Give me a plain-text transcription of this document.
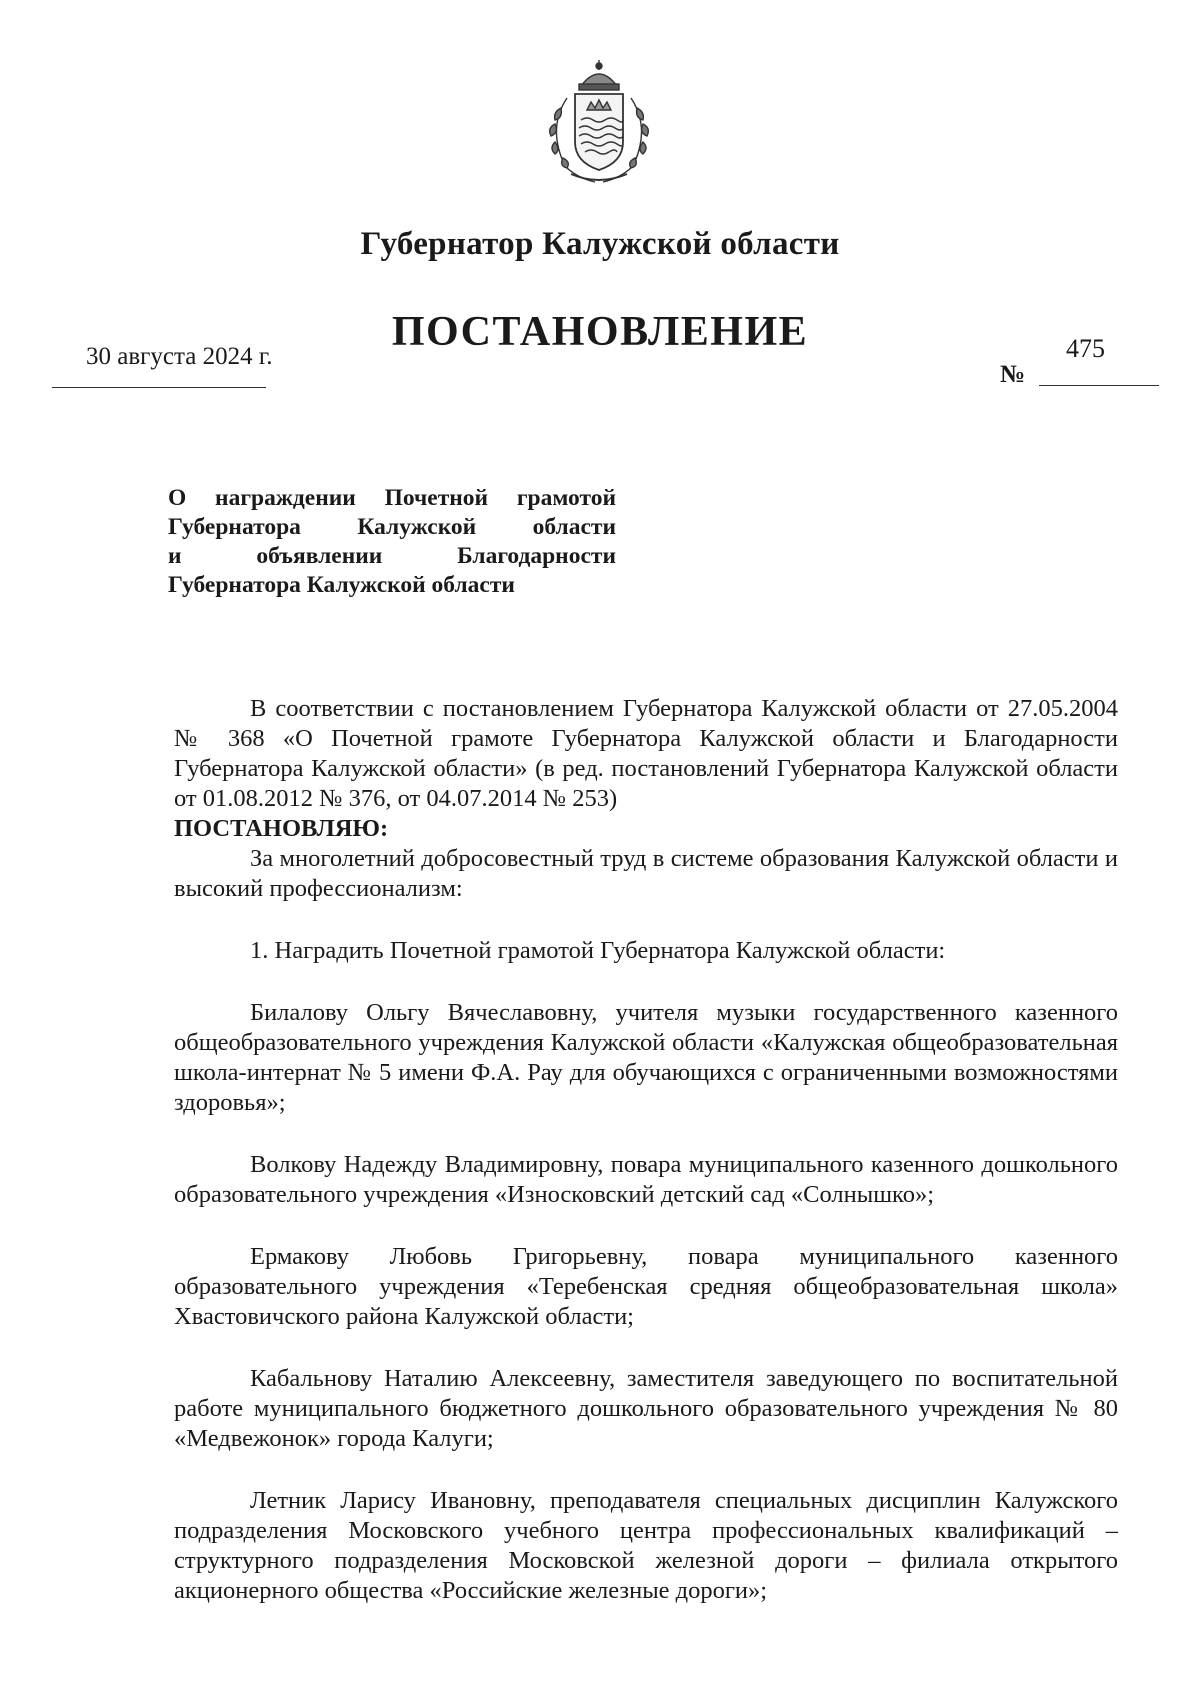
Губернатор Калужской области
ПОСТАНОВЛЕНИЕ
30 августа 2024 г.	475
№
О награждении Почетной грамотой
Губернатора Калужской области
и объявлении Благодарности
Губернатора Калужской области

В соответствии с постановлением Губернатора Калужской области от 27.05.2004 № 368 «О Почетной грамоте Губернатора Калужской области и Благодарности Губернатора Калужской области» (в ред. постановлений Губернатора Калужской области от 01.08.2012 № 376, от 04.07.2014 № 253)

ПОСТАНОВЛЯЮ:

За многолетний добросовестный труд в системе образования Калужской области и высокий профессионализм:

1. Наградить Почетной грамотой Губернатора Калужской области:

Билалову Ольгу Вячеславовну, учителя музыки государственного казенного общеобразовательного учреждения Калужской области «Калужская общеобразовательная школа-интернат № 5 имени Ф.А. Рау для обучающихся с ограниченными возможностями здоровья»;

Волкову Надежду Владимировну, повара муниципального казенного дошкольного образовательного учреждения «Износковский детский сад «Солнышко»;

Ермакову Любовь Григорьевну, повара муниципального казенного образовательного учреждения «Теребенская средняя общеобразовательная школа» Хвастовичского района Калужской области;

Кабальнову Наталию Алексеевну, заместителя заведующего по воспитательной работе муниципального бюджетного дошкольного образовательного учреждения № 80 «Медвежонок» города Калуги;

Летник Ларису Ивановну, преподавателя специальных дисциплин Калужского подразделения Московского учебного центра профессиональных квалификаций – структурного подразделения Московской железной дороги – филиала открытого акционерного общества «Российские железные дороги»;
